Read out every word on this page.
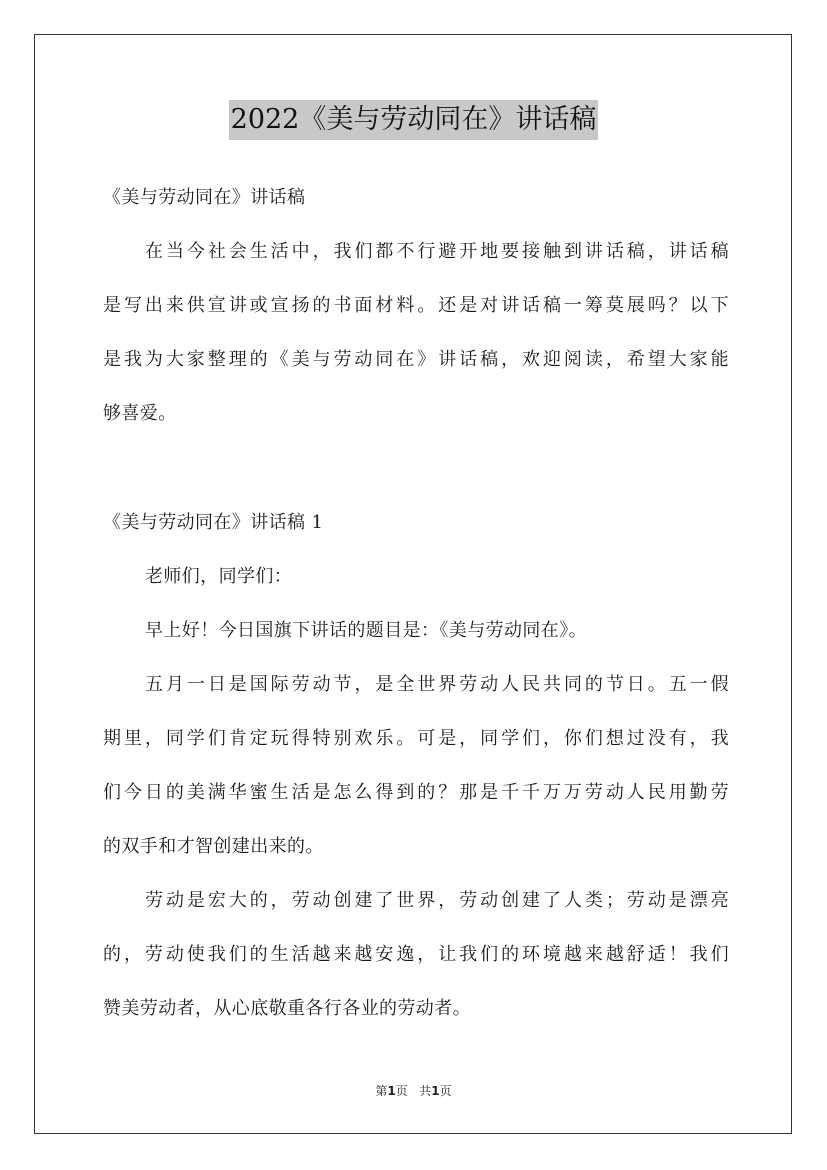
2022《美与劳动同在》讲话稿

《美与劳动同在》讲话稿

在当今社会生活中，我们都不行避开地要接触到讲话稿，讲话稿

是写出来供宣讲或宣扬的书面材料。还是对讲话稿一筹莫展吗？以下

是我为大家整理的《美与劳动同在》讲话稿，欢迎阅读，希望大家能

够喜爱。

《美与劳动同在》讲话稿 1

老师们，同学们：

早上好！今日国旗下讲话的题目是：《美与劳动同在》。

五月一日是国际劳动节，是全世界劳动人民共同的节日。五一假

期里，同学们肯定玩得特别欢乐。可是，同学们，你们想过没有，我

们今日的美满华蜜生活是怎么得到的？那是千千万万劳动人民用勤劳

的双手和才智创建出来的。

劳动是宏大的，劳动创建了世界，劳动创建了人类；劳动是漂亮

的，劳动使我们的生活越来越安逸，让我们的环境越来越舒适！我们

赞美劳动者，从心底敬重各行各业的劳动者。

第1页 共1页
